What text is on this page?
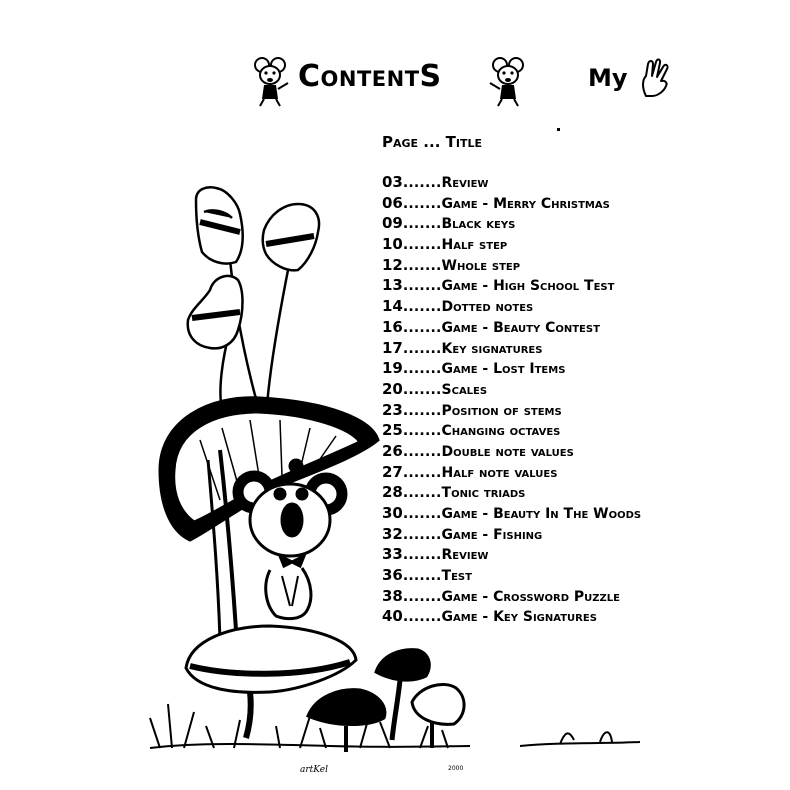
ContentS	My
Page ... Title
03.......Review
06.......Game - Merry Christmas
09.......Black keys
10.......Half step
12.......Whole step
13.......Game - High School Test
14.......Dotted notes
16.......Game - Beauty Contest
17.......Key signatures
19.......Game - Lost Items
20.......Scales
23.......Position of stems
25.......Changing octaves
26.......Double note values
27.......Half note values
28.......Tonic triads
30.......Game - Beauty In The Woods
32.......Game - Fishing
33.......Review
36.......Test
38.......Game - Crossword Puzzle
40.......Game - Key Signatures
artKel	2000
